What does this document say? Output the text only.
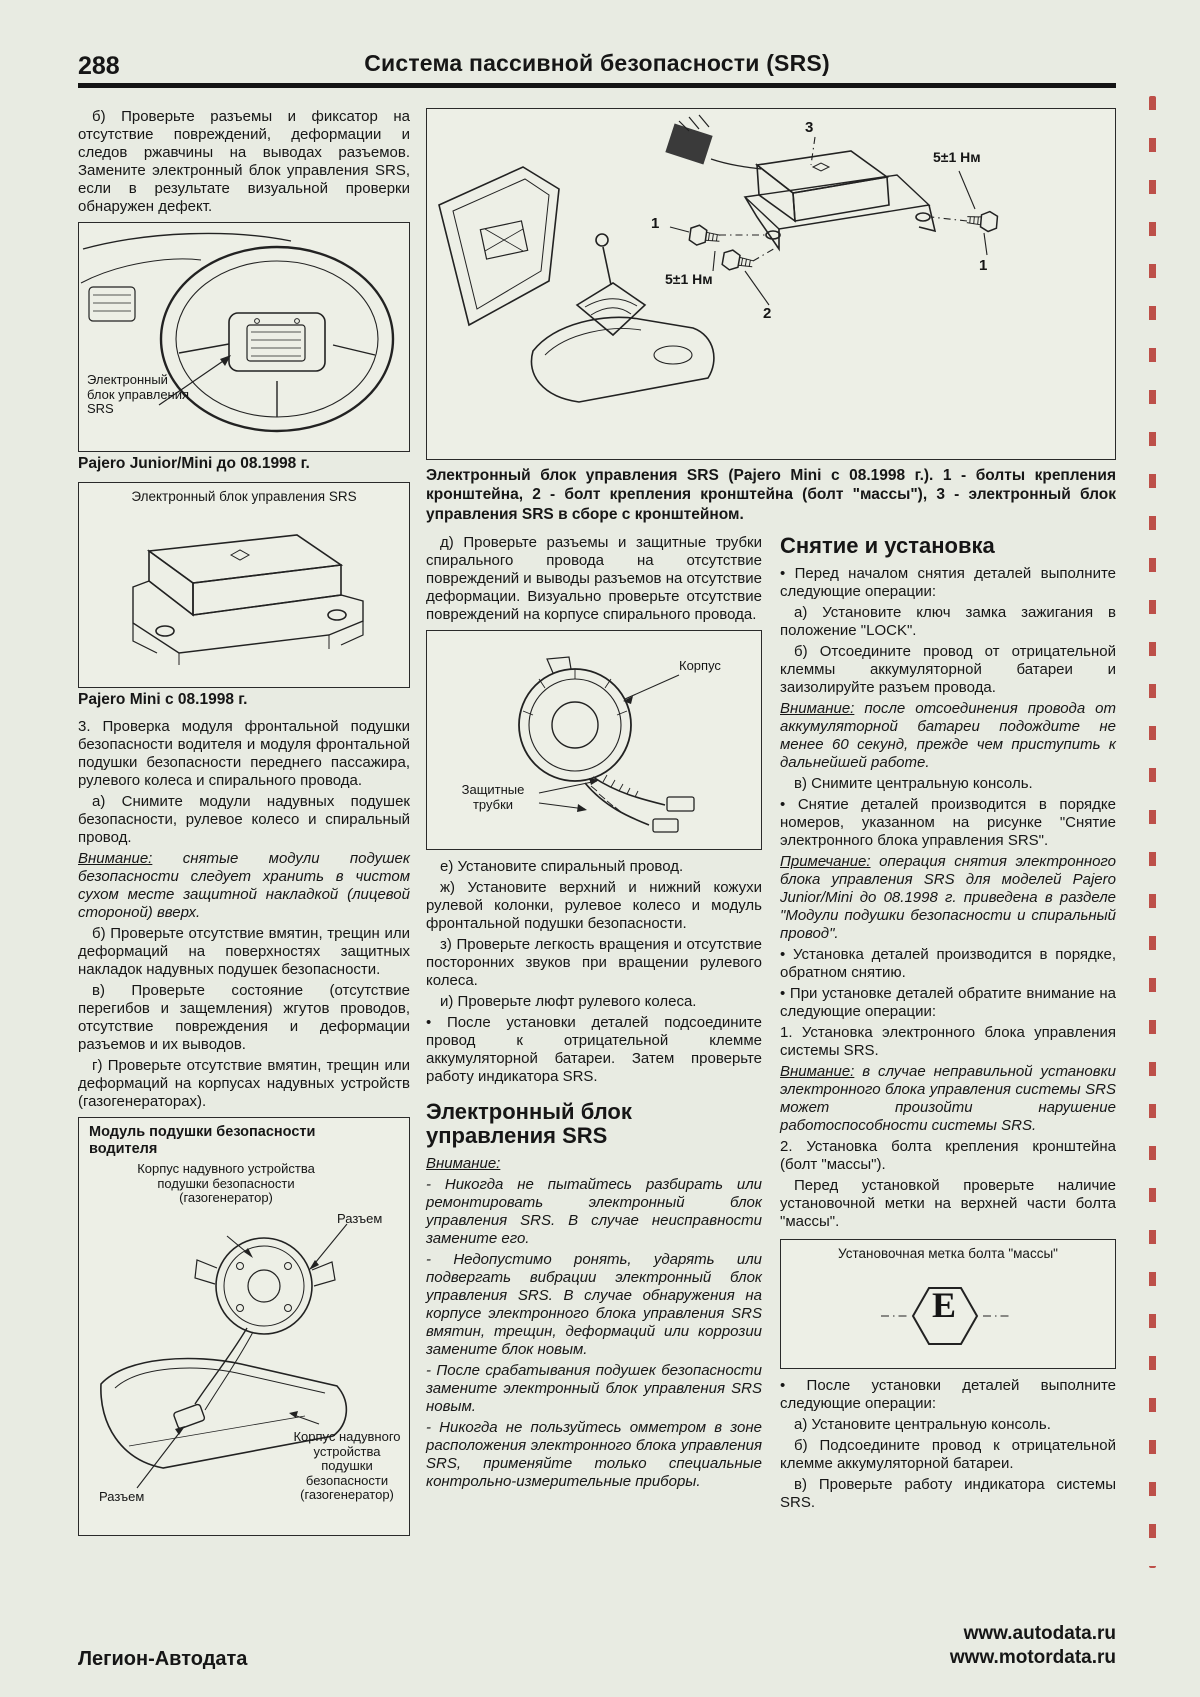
288	Система пассивной безопасности (SRS)

б) Проверьте разъемы и фиксатор на отсутствие повреждений, деформации и следов ржавчины на выводах разъемов. Замените электронный блок управления SRS, если в результате визуальной проверки обнаружен дефект.

Электронный блок управления SRS
Pajero Junior/Mini до 08.1998 г.
Электронный блок управления SRS
Pajero Mini с 08.1998 г.

3. Проверка модуля фронтальной подушки безопасности водителя и модуля фронтальной подушки безопасности переднего пассажира, рулевого колеса и спирального провода.

а) Снимите модули надувных подушек безопасности, рулевое колесо и спиральный провод.

Внимание: снятые модули подушек безопасности следует хранить в чистом сухом месте защитной накладкой (лицевой стороной) вверх.

б) Проверьте отсутствие вмятин, трещин или деформаций на поверхностях защитных накладок надувных подушек безопасности.

в) Проверьте состояние (отсутствие перегибов и защемления) жгутов проводов, отсутствие повреждения и деформации разъемов и их выводов.

г) Проверьте отсутствие вмятин, трещин или деформаций на корпусах надувных устройств (газогенераторах).

Модуль подушки безопасности водителя
Корпус надувного устройства подушки безопасности (газогенератор)
Разъем
Корпус надувного устройства подушки безопасности (газогенератор)
Разъем
3
5±1 Нм
1
1
5±1 Нм
2
Электронный блок управления SRS (Pajero Mini с 08.1998 г.). 1 - болты крепления кронштейна, 2 - болт крепления кронштейна (болт "массы"), 3 - электронный блок управления SRS в сборе с кронштейном.

д) Проверьте разъемы и защитные трубки спирального провода на отсутствие повреждений и выводы разъемов на отсутствие деформации. Визуально проверьте отсутствие повреждений на корпусе спирального провода.

Корпус
Защитные трубки

е) Установите спиральный провод.

ж) Установите верхний и нижний кожухи рулевой колонки, рулевое колесо и модуль фронтальной подушки безопасности.

з) Проверьте легкость вращения и отсутствие посторонних звуков при вращении рулевого колеса.

и) Проверьте люфт рулевого колеса.

• После установки деталей подсоедините провод к отрицательной клемме аккумуляторной батареи. Затем проверьте работу индикатора SRS.

Электронный блок управления SRS

Внимание:

- Никогда не пытайтесь разбирать или ремонтировать электронный блок управления SRS. В случае неисправности замените его.

- Недопустимо ронять, ударять или подвергать вибрации электронный блок управления SRS. В случае обнаружения на корпусе электронного блока управления SRS вмятин, трещин, деформаций или коррозии замените блок новым.

- После срабатывания подушек безопасности замените электронный блок управления SRS новым.

- Никогда не пользуйтесь омметром в зоне расположения электронного блока управления SRS, применяйте только специальные контрольно-измерительные приборы.

Снятие и установка

• Перед началом снятия деталей выполните следующие операции:

а) Установите ключ замка зажигания в положение "LOCK".

б) Отсоедините провод от отрицательной клеммы аккумуляторной батареи и заизолируйте разъем провода.

Внимание: после отсоединения провода от аккумуляторной батареи подождите не менее 60 секунд, прежде чем приступить к дальнейшей работе.

в) Снимите центральную консоль.

• Снятие деталей производится в порядке номеров, указанном на рисунке "Снятие электронного блока управления SRS".

Примечание: операция снятия электронного блока управления SRS для моделей Pajero Junior/Mini до 08.1998 г. приведена в разделе "Модули подушки безопасности и спиральный провод".

• Установка деталей производится в порядке, обратном снятию.

• При установке деталей обратите внимание на следующие операции:

1. Установка электронного блока управления системы SRS.

Внимание: в случае неправильной установки электронного блока управления системы SRS может произойти нарушение работоспособности системы SRS.

2. Установка болта крепления кронштейна (болт "массы").

Перед установкой проверьте наличие установочной метки на верхней части болта "массы".

Установочная метка болта "массы"
E

• После установки деталей выполните следующие операции:

а) Установите центральную консоль.

б) Подсоедините провод к отрицательной клемме аккумуляторной батареи.

в) Проверьте работу индикатора системы SRS.

Легион-Автодата
www.autodata.ru
www.motordata.ru
